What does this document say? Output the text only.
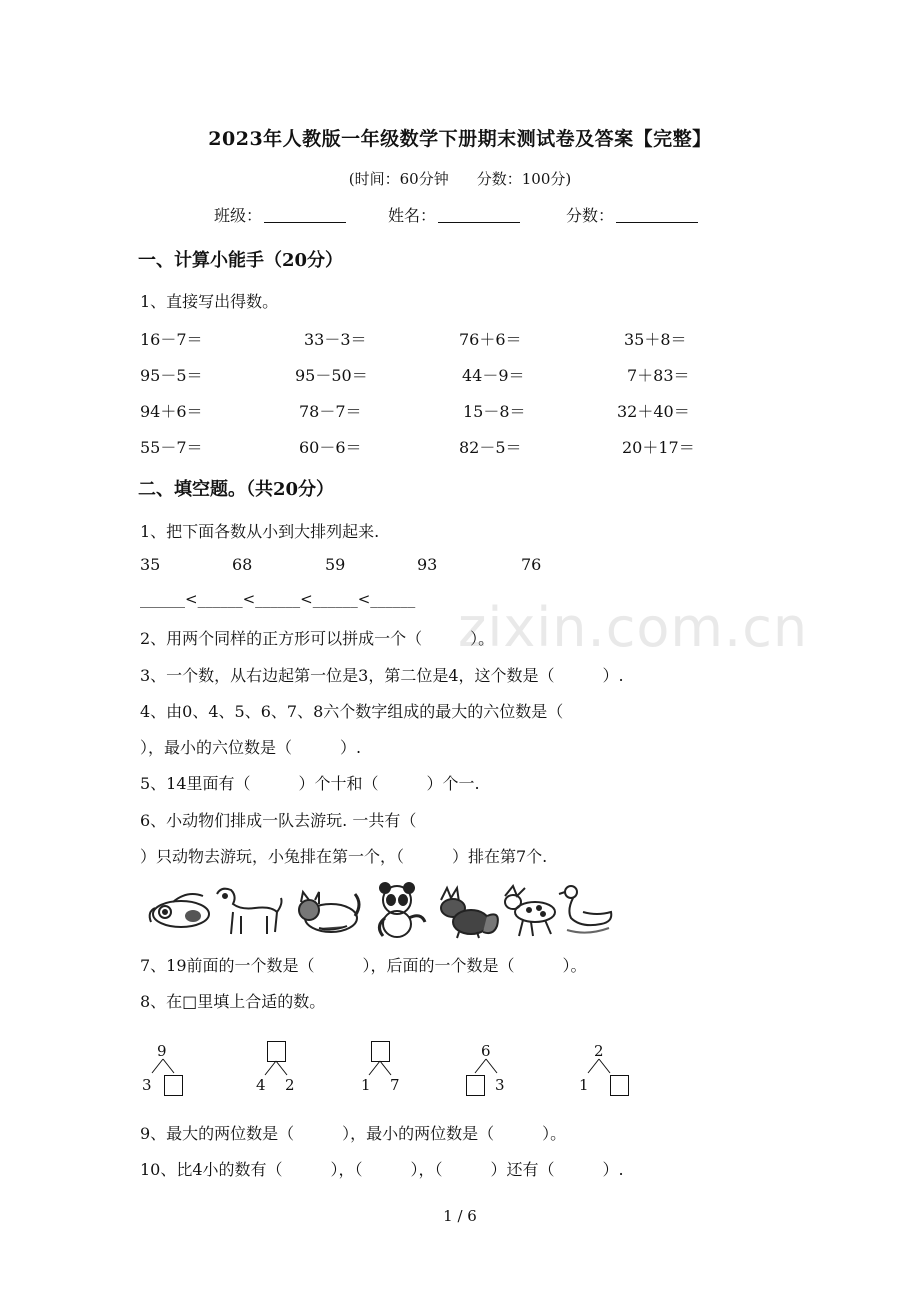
zixin.com.cn
2023年人教版一年级数学下册期末测试卷及答案【完整】
(时间：60分钟 分数：100分)
班级：	姓名：	分数：
一、计算小能手（20分）
1、直接写出得数。
16－7＝	33－3＝	76＋6＝	35＋8＝
95－5＝	95－50＝	44－9＝	7＋83＝
94＋6＝	78－7＝	15－8＝	32＋40＝
55－7＝	60－6＝	82－5＝	20＋17＝
二、填空题。（共20分）
1、把下面各数从小到大排列起来.
35	68	59	93	76
______<______<______<______<______
2、用两个同样的正方形可以拼成一个（　　　）。
3、一个数，从右边起第一位是3，第二位是4，这个数是（　　　）.
4、由0、4、5、6、7、8六个数字组成的最大的六位数是（
），最小的六位数是（　　　）.
5、14里面有（　　　）个十和（　　　）个一.
6、小动物们排成一队去游玩. 一共有（
）只动物去游玩，小兔排在第一个，（　　　）排在第7个.
7、19前面的一个数是（　　　），后面的一个数是（　　　）。
8、在□里填上合适的数。
9
3	4 2	1 7
6
3
2
1
9、最大的两位数是（　　　），最小的两位数是（　　　）。
10、比4小的数有（　　　），（　　　），（　　　）还有（　　　）.
1 / 6
